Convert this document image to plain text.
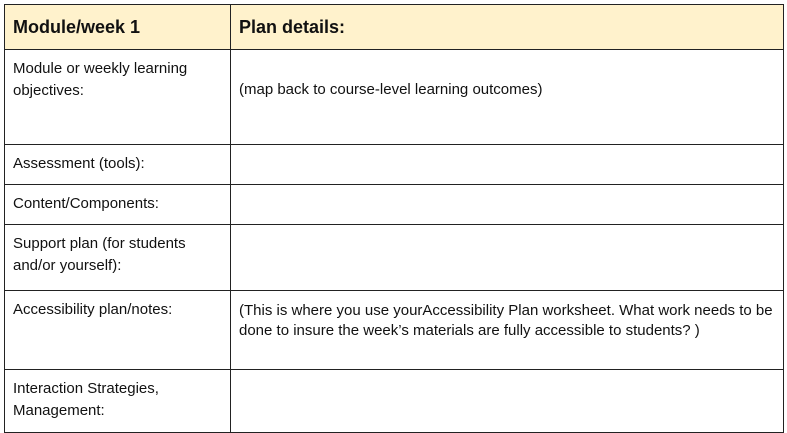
Module/week 1	Plan details:

Module or weekly learning objectives:	(map back to course-level learning outcomes)

Assessment (tools):	

Content/Components:	

Support plan (for students and/or yourself):	

Accessibility plan/notes:	(This is where you use yourAccessibility Plan worksheet. What work needs to be done to insure the week’s materials are fully accessible to students? )

Interaction Strategies, Management:	
